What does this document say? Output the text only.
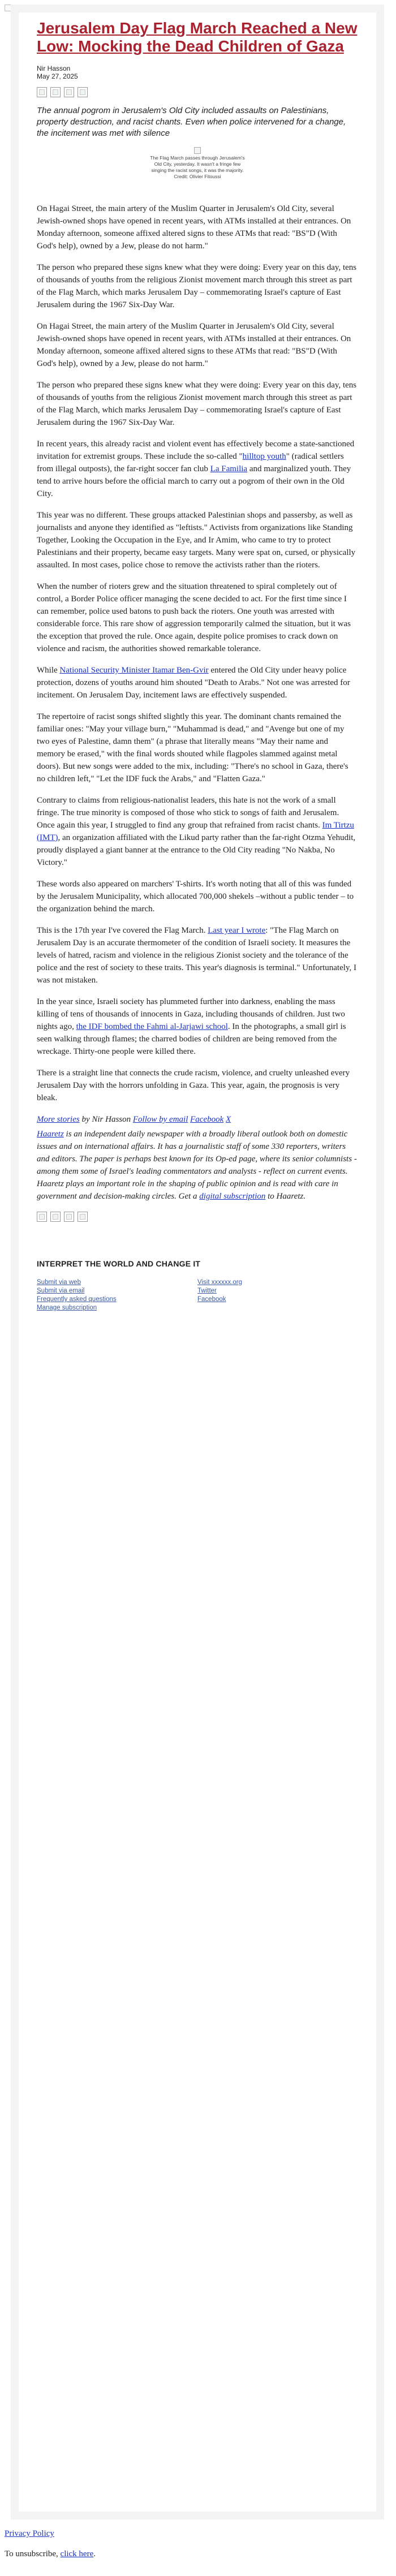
Jerusalem Day Flag March Reached a New Low: Mocking the Dead Children of Gaza
Nir Hasson
May 27, 2025
The annual pogrom in Jerusalem's Old City included assaults on Palestinians, property destruction, and racist chants. Even when police intervened for a change, the incitement was met with silence
The Flag March passes through Jerusalem's Old City, yesterday. It wasn't a fringe few singing the racist songs, it was the majority. Credit: Olivier Fitoussi

On Hagai Street, the main artery of the Muslim Quarter in Jerusalem's Old City, several Jewish-owned shops have opened in recent years, with ATMs installed at their entrances. On Monday afternoon, someone affixed altered signs to these ATMs that read: "BS"D (With God's help), owned by a Jew, please do not harm."

The person who prepared these signs knew what they were doing: Every year on this day, tens of thousands of youths from the religious Zionist movement march through this street as part of the Flag March, which marks Jerusalem Day – commemorating Israel's capture of East Jerusalem during the 1967 Six-Day War.

On Hagai Street, the main artery of the Muslim Quarter in Jerusalem's Old City, several Jewish-owned shops have opened in recent years, with ATMs installed at their entrances. On Monday afternoon, someone affixed altered signs to these ATMs that read: "BS"D (With God's help), owned by a Jew, please do not harm."

The person who prepared these signs knew what they were doing: Every year on this day, tens of thousands of youths from the religious Zionist movement march through this street as part of the Flag March, which marks Jerusalem Day – commemorating Israel's capture of East Jerusalem during the 1967 Six-Day War.

In recent years, this already racist and violent event has effectively become a state-sanctioned invitation for extremist groups. These include the so-called "hilltop youth" (radical settlers from illegal outposts), the far-right soccer fan club La Familia and marginalized youth. They tend to arrive hours before the official march to carry out a pogrom of their own in the Old City.

This year was no different. These groups attacked Palestinian shops and passersby, as well as journalists and anyone they identified as "leftists." Activists from organizations like Standing Together, Looking the Occupation in the Eye, and Ir Amim, who came to try to protect Palestinians and their property, became easy targets. Many were spat on, cursed, or physically assaulted. In most cases, police chose to remove the activists rather than the rioters.

When the number of rioters grew and the situation threatened to spiral completely out of control, a Border Police officer managing the scene decided to act. For the first time since I can remember, police used batons to push back the rioters. One youth was arrested with considerable force. This rare show of aggression temporarily calmed the situation, but it was the exception that proved the rule. Once again, despite police promises to crack down on violence and racism, the authorities showed remarkable tolerance.

While National Security Minister Itamar Ben-Gvir entered the Old City under heavy police protection, dozens of youths around him shouted "Death to Arabs." Not one was arrested for incitement. On Jerusalem Day, incitement laws are effectively suspended.

The repertoire of racist songs shifted slightly this year. The dominant chants remained the familiar ones: "May your village burn," "Muhammad is dead," and "Avenge but one of my two eyes of Palestine, damn them" (a phrase that literally means "May their name and memory be erased," with the final words shouted while flagpoles slammed against metal doors). But new songs were added to the mix, including: "There's no school in Gaza, there's no children left," "Let the IDF fuck the Arabs," and "Flatten Gaza."

Contrary to claims from religious-nationalist leaders, this hate is not the work of a small fringe. The true minority is composed of those who stick to songs of faith and Jerusalem. Once again this year, I struggled to find any group that refrained from racist chants. Im Tirtzu (IMT), an organization affiliated with the Likud party rather than the far-right Otzma Yehudit, proudly displayed a giant banner at the entrance to the Old City reading "No Nakba, No Victory."

These words also appeared on marchers' T-shirts. It's worth noting that all of this was funded by the Jerusalem Municipality, which allocated 700,000 shekels –without a public tender – to the organization behind the march.

This is the 17th year I've covered the Flag March. Last year I wrote: "The Flag March on Jerusalem Day is an accurate thermometer of the condition of Israeli society. It measures the levels of hatred, racism and violence in the religious Zionist society and the tolerance of the police and the rest of society to these traits. This year's diagnosis is terminal." Unfortunately, I was not mistaken.

In the year since, Israeli society has plummeted further into darkness, enabling the mass killing of tens of thousands of innocents in Gaza, including thousands of children. Just two nights ago, the IDF bombed the Fahmi al-Jarjawi school. In the photographs, a small girl is seen walking through flames; the charred bodies of children are being removed from the wreckage. Thirty-one people were killed there.

There is a straight line that connects the crude racism, violence, and cruelty unleashed every Jerusalem Day with the horrors unfolding in Gaza. This year, again, the prognosis is very bleak.

More stories by Nir Hasson Follow by email Facebook X
Haaretz is an independent daily newspaper with a broadly liberal outlook both on domestic issues and on international affairs. It has a journalistic staff of some 330 reporters, writers and editors. The paper is perhaps best known for its Op-ed page, where its senior columnists - among them some of Israel's leading commentators and analysts - reflect on current events. Haaretz plays an important role in the shaping of public opinion and is read with care in government and decision-making circles. Get a digital subscription to Haaretz.
INTERPRET THE WORLD AND CHANGE IT
Submit via web
Submit via email
Frequently asked questions
Manage subscription
Visit xxxxxx.org
Twitter
Facebook
Privacy Policy
To unsubscribe, click here.
